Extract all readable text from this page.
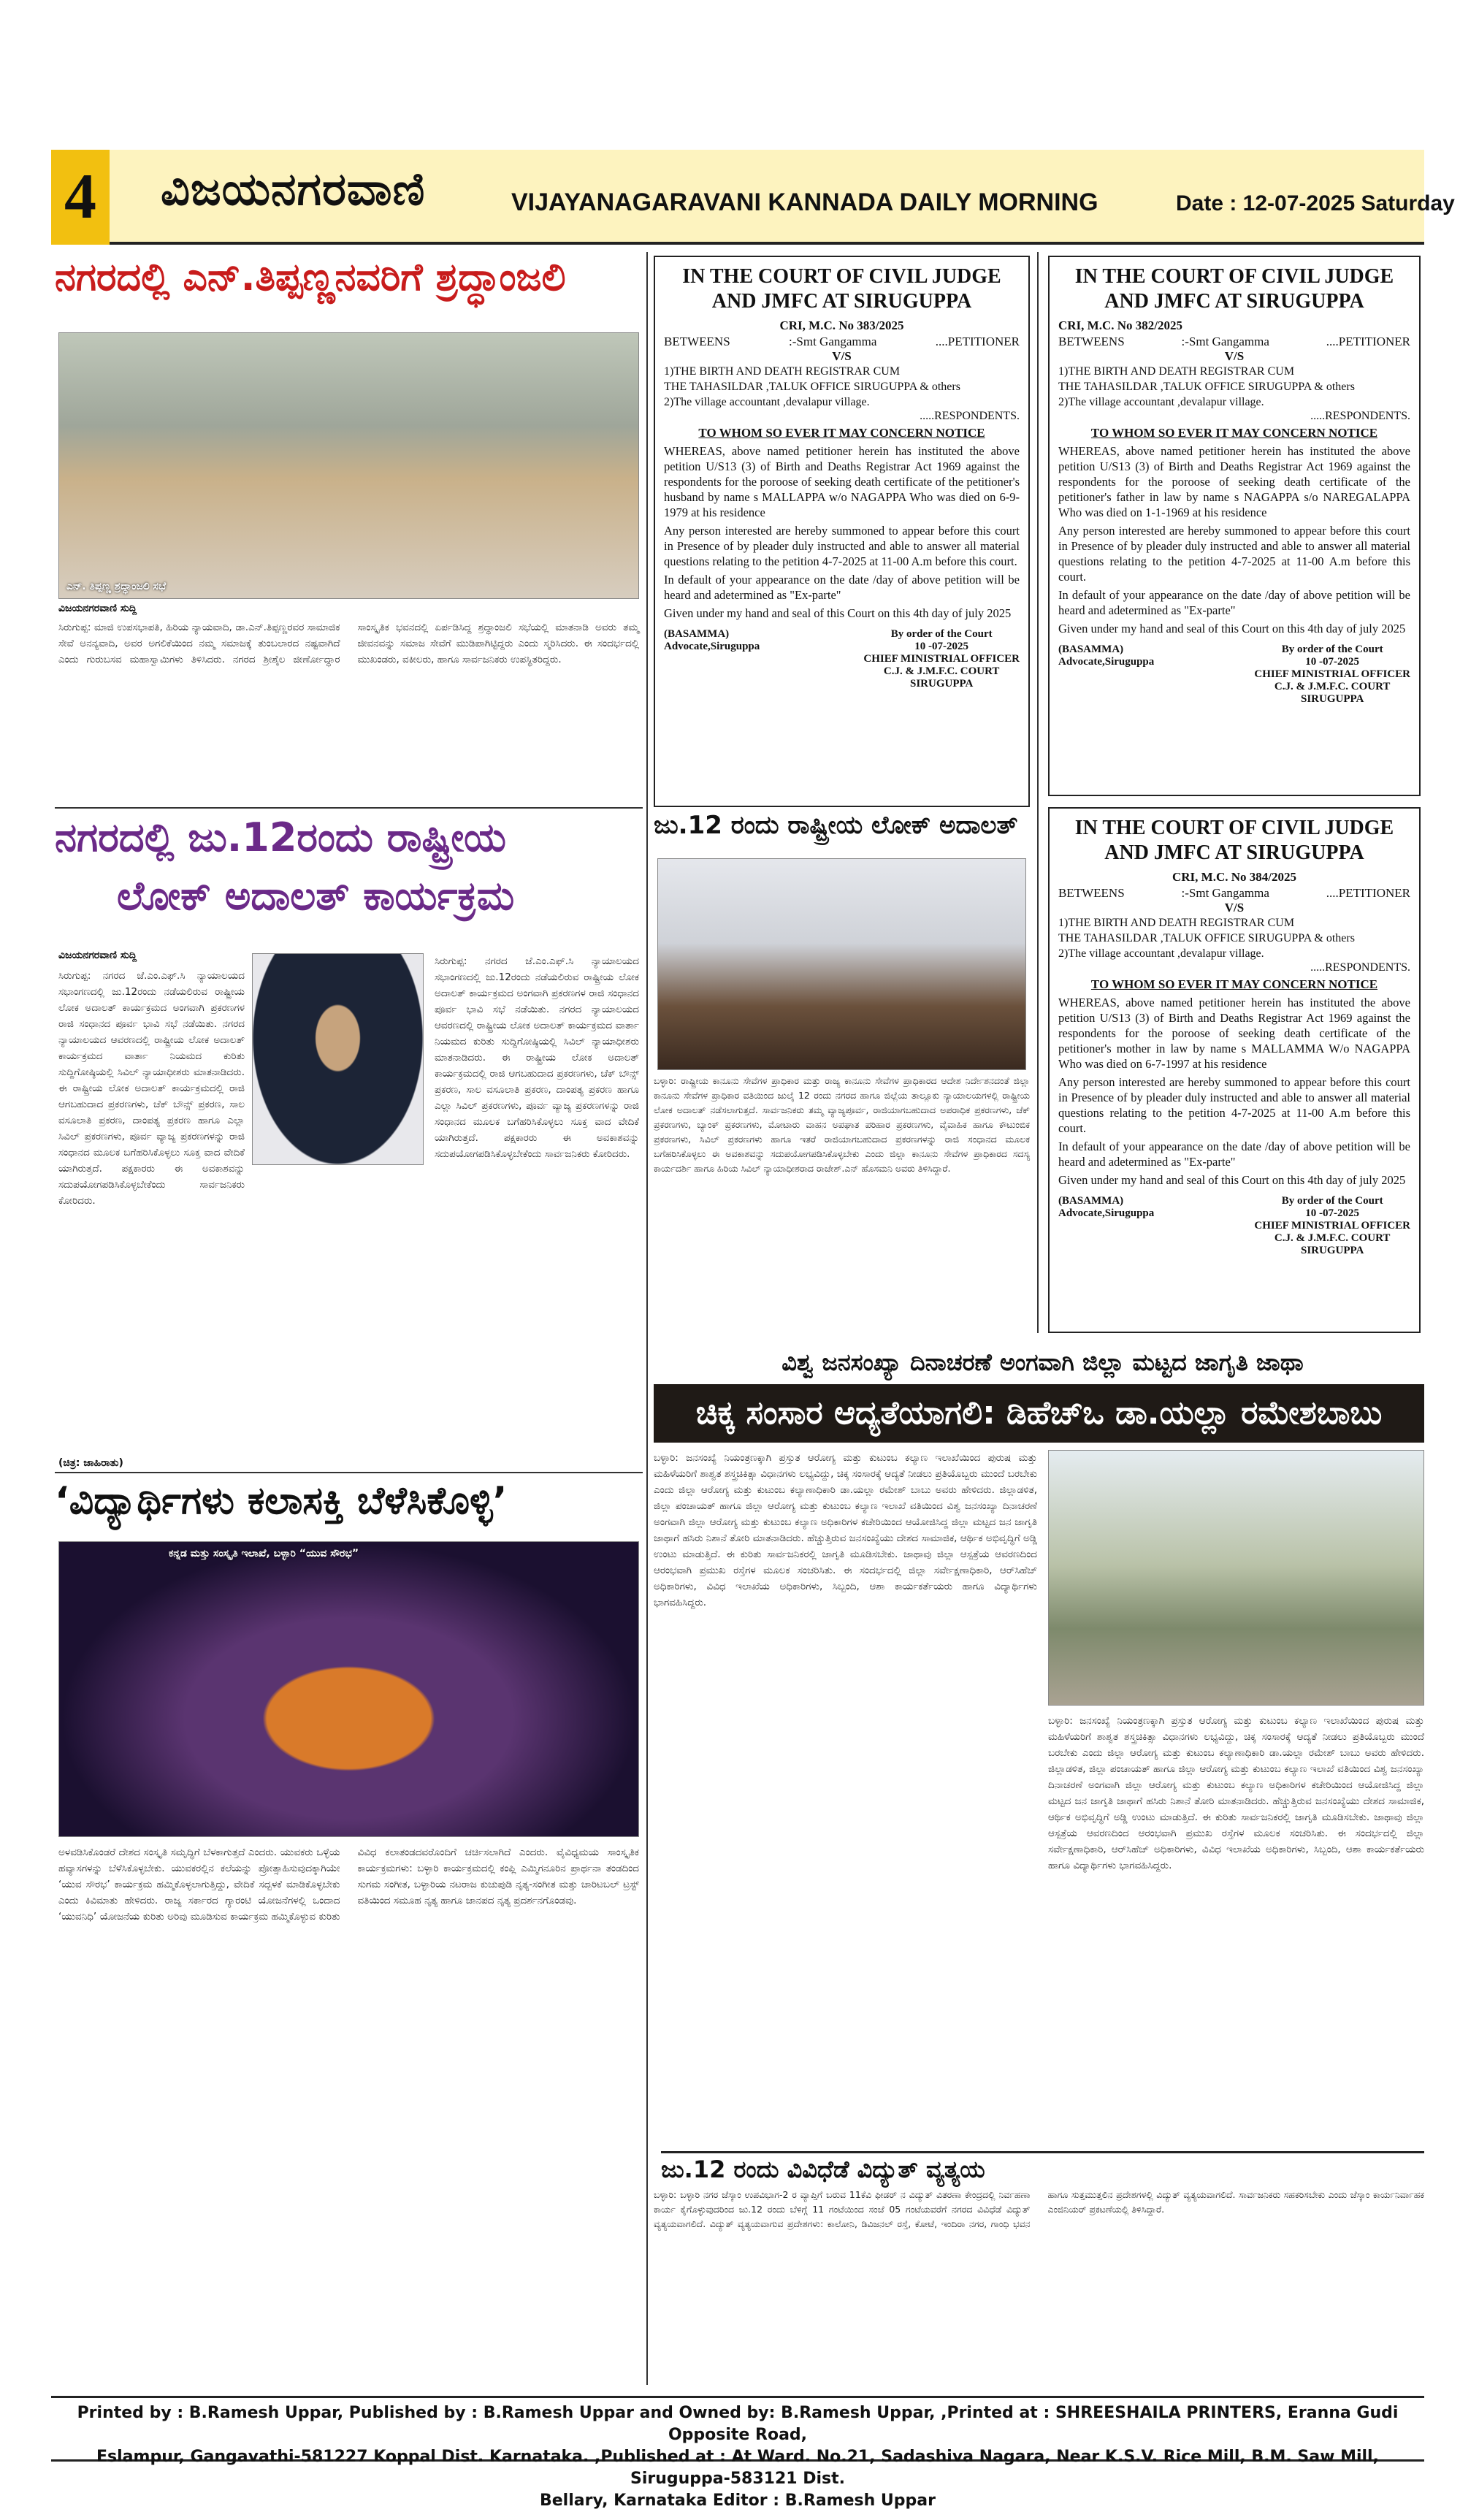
4 ವಿಜಯನಗರವಾಣಿ	VIJAYANAGARAVANI KANNADA DAILY MORNING	Date : 12-07-2025 Saturday
ನಗರದಲ್ಲಿ ಎನ್.ತಿಪ್ಪಣ್ಣನವರಿಗೆ ಶ್ರದ್ಧಾಂಜಲಿ
ಎನ್. ತಿಪ್ಪಣ್ಣ ಶ್ರದ್ಧಾಂಜಲಿ ಸಭೆ
ವಿಜಯನಗರವಾಣಿ ಸುದ್ದಿ
ಸಿರುಗುಪ್ಪ: ಮಾಜಿ ಉಪಸಭಾಪತಿ, ಹಿರಿಯ ನ್ಯಾಯವಾದಿ, ಡಾ.ಎನ್.ತಿಪ್ಪಣ್ಣರವರ ಸಾಮಾಜಿಕ ಸೇವೆ ಅನನ್ಯವಾದಿ, ಅವರ ಅಗಲಿಕೆಯಿಂದ ನಮ್ಮ ಸಮಾಜಕ್ಕೆ ತುಂಬಲಾರದ ನಷ್ಟವಾಗಿದೆ ಎಂದು ಗುರುಬಸವ ಮಹಾಸ್ವಾಮಿಗಳು ತಿಳಿಸಿದರು. ನಗರದ ಶ್ರೀಶೈಲ ಜೀರ್ಣೋದ್ಧಾರ ಸಾಂಸ್ಕೃತಿಕ ಭವನದಲ್ಲಿ ಏರ್ಪಡಿಸಿದ್ದ ಶ್ರದ್ಧಾಂಜಲಿ ಸಭೆಯಲ್ಲಿ ಮಾತನಾಡಿ ಅವರು ತಮ್ಮ ಜೀವನವನ್ನು ಸಮಾಜ ಸೇವೆಗೆ ಮುಡಿಪಾಗಿಟ್ಟಿದ್ದರು ಎಂದು ಸ್ಮರಿಸಿದರು. ಈ ಸಂದರ್ಭದಲ್ಲಿ ಮುಖಂಡರು, ವಕೀಲರು, ಹಾಗೂ ಸಾರ್ವಜನಿಕರು ಉಪಸ್ಥಿತರಿದ್ದರು.
ನಗರದಲ್ಲಿ ಜು.12ರಂದು ರಾಷ್ಟ್ರೀಯ
ಲೋಕ್ ಅದಾಲತ್ ಕಾರ್ಯಕ್ರಮ
ವಿಜಯನಗರವಾಣಿ ಸುದ್ದಿ
ಸಿರುಗುಪ್ಪ: ನಗರದ ಜೆ.ಎಂ.ಎಫ್.ಸಿ ನ್ಯಾಯಾಲಯದ ಸಭಾಂಗಣದಲ್ಲಿ ಜು.12ರಂದು ನಡೆಯಲಿರುವ ರಾಷ್ಟ್ರೀಯ ಲೋಕ ಅದಾಲತ್ ಕಾರ್ಯಕ್ರಮದ ಅಂಗವಾಗಿ ಪ್ರಕರಣಗಳ ರಾಜಿ ಸಂಧಾನದ ಪೂರ್ವ ಭಾವಿ ಸಭೆ ನಡೆಯಿತು. ನಗರದ ನ್ಯಾಯಾಲಯದ ಆವರಣದಲ್ಲಿ ರಾಷ್ಟ್ರೀಯ ಲೋಕ ಅದಾಲತ್ ಕಾರ್ಯಕ್ರಮದ ವಾರ್ತಾ ನಿಯಮದ ಕುರಿತು ಸುದ್ದಿಗೋಷ್ಠಿಯಲ್ಲಿ ಸಿವಿಲ್ ನ್ಯಾಯಾಧೀಶರು ಮಾತನಾಡಿದರು. ಈ ರಾಷ್ಟ್ರೀಯ ಲೋಕ ಅದಾಲತ್ ಕಾರ್ಯಕ್ರಮದಲ್ಲಿ ರಾಜಿ ಆಗಬಹುದಾದ ಪ್ರಕರಣಗಳು, ಚೆಕ್ ಬೌನ್ಸ್ ಪ್ರಕರಣ, ಸಾಲ ವಸೂಲಾತಿ ಪ್ರಕರಣ, ದಾಂಪತ್ಯ ಪ್ರಕರಣ ಹಾಗೂ ಎಲ್ಲಾ ಸಿವಿಲ್ ಪ್ರಕರಣಗಳು, ಪೂರ್ವ ವ್ಯಾಜ್ಯ ಪ್ರಕರಣಗಳನ್ನು ರಾಜಿ ಸಂಧಾನದ ಮೂಲಕ ಬಗೆಹರಿಸಿಕೊಳ್ಳಲು ಸೂಕ್ತ ವಾದ ವೇದಿಕೆ ಯಾಗಿರುತ್ತದೆ. ಪಕ್ಷಕಾರರು ಈ ಅವಕಾಶವನ್ನು ಸದುಪಯೋಗಪಡಿಸಿಕೊಳ್ಳಬೇಕೆಂದು ಸಾರ್ವಜನಿಕರು ಕೋರಿದರು.
ಸಿರುಗುಪ್ಪ: ನಗರದ ಜೆ.ಎಂ.ಎಫ್.ಸಿ ನ್ಯಾಯಾಲಯದ ಸಭಾಂಗಣದಲ್ಲಿ ಜು.12ರಂದು ನಡೆಯಲಿರುವ ರಾಷ್ಟ್ರೀಯ ಲೋಕ ಅದಾಲತ್ ಕಾರ್ಯಕ್ರಮದ ಅಂಗವಾಗಿ ಪ್ರಕರಣಗಳ ರಾಜಿ ಸಂಧಾನದ ಪೂರ್ವ ಭಾವಿ ಸಭೆ ನಡೆಯಿತು. ನಗರದ ನ್ಯಾಯಾಲಯದ ಆವರಣದಲ್ಲಿ ರಾಷ್ಟ್ರೀಯ ಲೋಕ ಅದಾಲತ್ ಕಾರ್ಯಕ್ರಮದ ವಾರ್ತಾ ನಿಯಮದ ಕುರಿತು ಸುದ್ದಿಗೋಷ್ಠಿಯಲ್ಲಿ ಸಿವಿಲ್ ನ್ಯಾಯಾಧೀಶರು ಮಾತನಾಡಿದರು. ಈ ರಾಷ್ಟ್ರೀಯ ಲೋಕ ಅದಾಲತ್ ಕಾರ್ಯಕ್ರಮದಲ್ಲಿ ರಾಜಿ ಆಗಬಹುದಾದ ಪ್ರಕರಣಗಳು, ಚೆಕ್ ಬೌನ್ಸ್ ಪ್ರಕರಣ, ಸಾಲ ವಸೂಲಾತಿ ಪ್ರಕರಣ, ದಾಂಪತ್ಯ ಪ್ರಕರಣ ಹಾಗೂ ಎಲ್ಲಾ ಸಿವಿಲ್ ಪ್ರಕರಣಗಳು, ಪೂರ್ವ ವ್ಯಾಜ್ಯ ಪ್ರಕರಣಗಳನ್ನು ರಾಜಿ ಸಂಧಾನದ ಮೂಲಕ ಬಗೆಹರಿಸಿಕೊಳ್ಳಲು ಸೂಕ್ತ ವಾದ ವೇದಿಕೆ ಯಾಗಿರುತ್ತದೆ. ಪಕ್ಷಕಾರರು ಈ ಅವಕಾಶವನ್ನು ಸದುಪಯೋಗಪಡಿಸಿಕೊಳ್ಳಬೇಕೆಂದು ಸಾರ್ವಜನಿಕರು ಕೋರಿದರು.
(ಚಿತ್ರ: ಜಾಹಿರಾತು)
‘ವಿದ್ಯಾರ್ಥಿಗಳು ಕಲಾಸಕ್ತಿ ಬೆಳೆಸಿಕೊಳ್ಳಿ’
ಕನ್ನಡ ಮತ್ತು ಸಂಸ್ಕೃತಿ ಇಲಾಖೆ, ಬಳ್ಳಾರಿ “ಯುವ ಸೌರಭ”
ಅಳವಡಿಸಿಕೊಂಡರೆ ದೇಶದ ಸಂಸ್ಕೃತಿ ಸಮೃದ್ಧಿಗೆ ಬೆಳಕಾಗುತ್ತದೆ ಎಂದರು. ಯುವಕರು ಒಳ್ಳೆಯ ಹವ್ಯಾಸಗಳನ್ನು ಬೆಳೆಸಿಕೊಳ್ಳಬೇಕು. ಯುವಕರಲ್ಲಿನ ಕಲೆಯನ್ನು ಪ್ರೋತ್ಸಾಹಿಸುವುದಕ್ಕಾಗಿಯೇ ‘ಯುವ ಸೌರಭ’ ಕಾರ್ಯಕ್ರಮ ಹಮ್ಮಿಕೊಳ್ಳಲಾಗುತ್ತಿದ್ದು, ವೇದಿಕೆ ಸದ್ಬಳಕೆ ಮಾಡಿಕೊಳ್ಳಬೇಕು ಎಂದು ಕಿವಿಮಾತು ಹೇಳಿದರು. ರಾಜ್ಯ ಸರ್ಕಾರದ ಗ್ಯಾರಂಟಿ ಯೋಜನೆಗಳಲ್ಲಿ ಒಂದಾದ ‘ಯುವನಿಧಿ’ ಯೋಜನೆಯ ಕುರಿತು ಅರಿವು ಮೂಡಿಸುವ ಕಾರ್ಯಕ್ರಮ ಹಮ್ಮಿಕೊಳ್ಳುವ ಕುರಿತು ವಿವಿಧ ಕಲಾತಂಡದವರೊಂದಿಗೆ ಚರ್ಚಿಸಲಾಗಿದೆ ಎಂದರು. ವೈವಿಧ್ಯಮಯ ಸಾಂಸ್ಕೃತಿಕ ಕಾರ್ಯಕ್ರಮಗಳು: ಬಳ್ಳಾರಿ ಕಾರ್ಯಕ್ರಮದಲ್ಲಿ ಕಂಪ್ಲಿ ಎಮ್ಮಿಗನೂರಿನ ಪ್ರಾರ್ಥನಾ ತಂಡದಿಂದ ಸುಗಮ ಸಂಗೀತ, ಬಳ್ಳಾರಿಯ ನಟರಾಜ ಕುಚುಪುಡಿ ನೃತ್ಯ-ಸಂಗೀತ ಮತ್ತು ಚಾರಿಟಬಲ್ ಟ್ರಸ್ಟ್ ವತಿಯಿಂದ ಸಮೂಹ ನೃತ್ಯ ಹಾಗೂ ಜಾನಪದ ನೃತ್ಯ ಪ್ರದರ್ಶನಗೊಂಡವು.
IN THE COURT OF CIVIL JUDGE AND JMFC AT SIRUGUPPA
CRI, M.C. No 383/2025
BETWEENS	:-Smt Gangamma	....PETITIONER
V/S
1)THE BIRTH AND DEATH REGISTRAR CUM
THE TAHASILDAR ,TALUK OFFICE SIRUGUPPA & others
2)The village accountant ,devalapur village.
.....RESPONDENTS.
TO WHOM SO EVER IT MAY CONCERN NOTICE
WHEREAS, above named petitioner herein has instituted the above petition U/S13 (3) of Birth and Deaths Registrar Act 1969 against the respondents for the poroose of seeking death certificate of the petitioner's husband by name s MALLAPPA w/o NAGAPPA Who was died on 6-9-1979 at his residence
Any person interested are hereby summoned to appear before this court in Presence of by pleader duly instructed and able to answer all material questions relating to the petition 4-7-2025 at 11-00 A.m before this court.
In default of your appearance on the date /day of above petition will be heard and adetermined as "Ex-parte"
Given under my hand and seal of this Court on this 4th day of july 2025
(BASAMMA) Advocate,Siruguppa
By order of the Court
10 -07-2025
CHIEF MINISTRIAL OFFICER
C.J. & J.M.F.C. COURT
SIRUGUPPA
IN THE COURT OF CIVIL JUDGE AND JMFC AT SIRUGUPPA
CRI, M.C. No 382/2025
BETWEENS	:-Smt Gangamma	....PETITIONER
V/S
1)THE BIRTH AND DEATH REGISTRAR CUM
THE TAHASILDAR ,TALUK OFFICE SIRUGUPPA & others
2)The village accountant ,devalapur village.
.....RESPONDENTS.
TO WHOM SO EVER IT MAY CONCERN NOTICE
WHEREAS, above named petitioner herein has instituted the above petition U/S13 (3) of Birth and Deaths Registrar Act 1969 against the respondents for the poroose of seeking death certificate of the petitioner's father in law by name s NAGAPPA s/o NAREGALAPPA Who was died on 1-1-1969 at his residence
Any person interested are hereby summoned to appear before this court in Presence of by pleader duly instructed and able to answer all material questions relating to the petition 4-7-2025 at 11-00 A.m before this court.
In default of your appearance on the date /day of above petition will be heard and adetermined as "Ex-parte"
Given under my hand and seal of this Court on this 4th day of july 2025
(BASAMMA) Advocate,Siruguppa
By order of the Court
10 -07-2025
CHIEF MINISTRIAL OFFICER
C.J. & J.M.F.C. COURT
SIRUGUPPA
ಜು.12 ರಂದು ರಾಷ್ಟ್ರೀಯ ಲೋಕ್ ಅದಾಲತ್
ಬಳ್ಳಾರಿ: ರಾಷ್ಟ್ರೀಯ ಕಾನೂನು ಸೇವೆಗಳ ಪ್ರಾಧಿಕಾರ ಮತ್ತು ರಾಜ್ಯ ಕಾನೂನು ಸೇವೆಗಳ ಪ್ರಾಧಿಕಾರದ ಆದೇಶ ನಿರ್ದೇಶನದಂತೆ ಜಿಲ್ಲಾ ಕಾನೂನು ಸೇವೆಗಳ ಪ್ರಾಧಿಕಾರ ವತಿಯಿಂದ ಜುಲೈ 12 ರಂದು ನಗರದ ಹಾಗೂ ಜಿಲ್ಲೆಯ ತಾಲ್ಲೂಕು ನ್ಯಾಯಾಲಯಗಳಲ್ಲಿ ರಾಷ್ಟ್ರೀಯ ಲೋಕ ಅದಾಲತ್ ನಡೆಸಲಾಗುತ್ತದೆ. ಸಾರ್ವಜನಿಕರು ತಮ್ಮ ವ್ಯಾಜ್ಯಪೂರ್ವ, ರಾಜಿಯಾಗಬಹುದಾದ ಅಪರಾಧಿಕ ಪ್ರಕರಣಗಳು, ಚೆಕ್ ಪ್ರಕರಣಗಳು, ಬ್ಯಾಂಕ್ ಪ್ರಕರಣಗಳು, ಮೋಟಾರು ವಾಹನ ಅಪಘಾತ ಪರಿಹಾರ ಪ್ರಕರಣಗಳು, ವೈವಾಹಿಕ ಹಾಗೂ ಕೌಟುಂಬಿಕ ಪ್ರಕರಣಗಳು, ಸಿವಿಲ್ ಪ್ರಕರಣಗಳು ಹಾಗೂ ಇತರೆ ರಾಜಿಯಾಗಬಹುದಾದ ಪ್ರಕರಣಗಳನ್ನು ರಾಜಿ ಸಂಧಾನದ ಮೂಲಕ ಬಗೆಹರಿಸಿಕೊಳ್ಳಲು ಈ ಅವಕಾಶವನ್ನು ಸದುಪಯೋಗಪಡಿಸಿಕೊಳ್ಳಬೇಕು ಎಂದು ಜಿಲ್ಲಾ ಕಾನೂನು ಸೇವೆಗಳ ಪ್ರಾಧಿಕಾರದ ಸದಸ್ಯ ಕಾರ್ಯದರ್ಶಿ ಹಾಗೂ ಹಿರಿಯ ಸಿವಿಲ್ ನ್ಯಾಯಾಧೀಶರಾದ ರಾಜೇಶ್.ಎನ್ ಹೊಸಮನಿ ಅವರು ತಿಳಿಸಿದ್ದಾರೆ.
IN THE COURT OF CIVIL JUDGE AND JMFC AT SIRUGUPPA
CRI, M.C. No 384/2025
BETWEENS	:-Smt Gangamma	....PETITIONER
V/S
1)THE BIRTH AND DEATH REGISTRAR CUM
THE TAHASILDAR ,TALUK OFFICE SIRUGUPPA & others
2)The village accountant ,devalapur village.
.....RESPONDENTS.
TO WHOM SO EVER IT MAY CONCERN NOTICE
WHEREAS, above named petitioner herein has instituted the above petition U/S13 (3) of Birth and Deaths Registrar Act 1969 against the respondents for the poroose of seeking death certificate of the petitioner's mother in law by name s MALLAMMA W/o NAGAPPA Who was died on 6-7-1997 at his residence
Any person interested are hereby summoned to appear before this court in Presence of by pleader duly instructed and able to answer all material questions relating to the petition 4-7-2025 at 11-00 A.m before this court.
In default of your appearance on the date /day of above petition will be heard and adetermined as "Ex-parte"
Given under my hand and seal of this Court on this 4th day of july 2025
(BASAMMA) Advocate,Siruguppa
By order of the Court
10 -07-2025
CHIEF MINISTRIAL OFFICER
C.J. & J.M.F.C. COURT
SIRUGUPPA
ವಿಶ್ವ ಜನಸಂಖ್ಯಾ ದಿನಾಚರಣೆ ಅಂಗವಾಗಿ ಜಿಲ್ಲಾ ಮಟ್ಟದ ಜಾಗೃತಿ ಜಾಥಾ
ಚಿಕ್ಕ ಸಂಸಾರ ಆದ್ಯತೆಯಾಗಲಿ: ಡಿಹೆಚ್‌ಒ ಡಾ.ಯಲ್ಲಾ ರಮೇಶಬಾಬು
ಬಳ್ಳಾರಿ: ಜನಸಂಖ್ಯೆ ನಿಯಂತ್ರಣಕ್ಕಾಗಿ ಪ್ರಸ್ತುತ ಆರೋಗ್ಯ ಮತ್ತು ಕುಟುಂಬ ಕಲ್ಯಾಣ ಇಲಾಖೆಯಿಂದ ಪುರುಷ ಮತ್ತು ಮಹಿಳೆಯರಿಗೆ ಶಾಶ್ವತ ಶಸ್ತ್ರಚಿಕಿತ್ಸಾ ವಿಧಾನಗಳು ಲಭ್ಯವಿದ್ದು, ಚಿಕ್ಕ ಸಂಸಾರಕ್ಕೆ ಆದ್ಯತೆ ನೀಡಲು ಪ್ರತಿಯೊಬ್ಬರು ಮುಂದೆ ಬರಬೇಕು ಎಂದು ಜಿಲ್ಲಾ ಆರೋಗ್ಯ ಮತ್ತು ಕುಟುಂಬ ಕಲ್ಯಾಣಾಧಿಕಾರಿ ಡಾ.ಯಲ್ಲಾ ರಮೇಶ್ ಬಾಬು ಅವರು ಹೇಳಿದರು. ಜಿಲ್ಲಾಡಳಿತ, ಜಿಲ್ಲಾ ಪಂಚಾಯತ್ ಹಾಗೂ ಜಿಲ್ಲಾ ಆರೋಗ್ಯ ಮತ್ತು ಕುಟುಂಬ ಕಲ್ಯಾಣ ಇಲಾಖೆ ವತಿಯಿಂದ ವಿಶ್ವ ಜನಸಂಖ್ಯಾ ದಿನಾಚರಣೆ ಅಂಗವಾಗಿ ಜಿಲ್ಲಾ ಆರೋಗ್ಯ ಮತ್ತು ಕುಟುಂಬ ಕಲ್ಯಾಣ ಅಧಿಕಾರಿಗಳ ಕಚೇರಿಯಿಂದ ಆಯೋಜಿಸಿದ್ದ ಜಿಲ್ಲಾ ಮಟ್ಟದ ಜನ ಜಾಗೃತಿ ಜಾಥಾಗೆ ಹಸಿರು ನಿಶಾನೆ ತೋರಿ ಮಾತನಾಡಿದರು. ಹೆಚ್ಚುತ್ತಿರುವ ಜನಸಂಖ್ಯೆಯು ದೇಶದ ಸಾಮಾಜಿಕ, ಆರ್ಥಿಕ ಅಭಿವೃದ್ಧಿಗೆ ಅಡ್ಡಿ ಉಂಟು ಮಾಡುತ್ತಿದೆ. ಈ ಕುರಿತು ಸಾರ್ವಜನಿಕರಲ್ಲಿ ಜಾಗೃತಿ ಮೂಡಿಸಬೇಕು. ಜಾಥಾವು ಜಿಲ್ಲಾ ಆಸ್ಪತ್ರೆಯ ಆವರಣದಿಂದ ಆರಂಭವಾಗಿ ಪ್ರಮುಖ ರಸ್ತೆಗಳ ಮೂಲಕ ಸಂಚರಿಸಿತು. ಈ ಸಂದರ್ಭದಲ್ಲಿ ಜಿಲ್ಲಾ ಸರ್ವೇಕ್ಷಣಾಧಿಕಾರಿ, ಆರ್‌ಸಿಹೆಚ್ ಅಧಿಕಾರಿಗಳು, ವಿವಿಧ ಇಲಾಖೆಯ ಅಧಿಕಾರಿಗಳು, ಸಿಬ್ಬಂದಿ, ಆಶಾ ಕಾರ್ಯಕರ್ತೆಯರು ಹಾಗೂ ವಿದ್ಯಾರ್ಥಿಗಳು ಭಾಗವಹಿಸಿದ್ದರು.
ಬಳ್ಳಾರಿ: ಜನಸಂಖ್ಯೆ ನಿಯಂತ್ರಣಕ್ಕಾಗಿ ಪ್ರಸ್ತುತ ಆರೋಗ್ಯ ಮತ್ತು ಕುಟುಂಬ ಕಲ್ಯಾಣ ಇಲಾಖೆಯಿಂದ ಪುರುಷ ಮತ್ತು ಮಹಿಳೆಯರಿಗೆ ಶಾಶ್ವತ ಶಸ್ತ್ರಚಿಕಿತ್ಸಾ ವಿಧಾನಗಳು ಲಭ್ಯವಿದ್ದು, ಚಿಕ್ಕ ಸಂಸಾರಕ್ಕೆ ಆದ್ಯತೆ ನೀಡಲು ಪ್ರತಿಯೊಬ್ಬರು ಮುಂದೆ ಬರಬೇಕು ಎಂದು ಜಿಲ್ಲಾ ಆರೋಗ್ಯ ಮತ್ತು ಕುಟುಂಬ ಕಲ್ಯಾಣಾಧಿಕಾರಿ ಡಾ.ಯಲ್ಲಾ ರಮೇಶ್ ಬಾಬು ಅವರು ಹೇಳಿದರು. ಜಿಲ್ಲಾಡಳಿತ, ಜಿಲ್ಲಾ ಪಂಚಾಯತ್ ಹಾಗೂ ಜಿಲ್ಲಾ ಆರೋಗ್ಯ ಮತ್ತು ಕುಟುಂಬ ಕಲ್ಯಾಣ ಇಲಾಖೆ ವತಿಯಿಂದ ವಿಶ್ವ ಜನಸಂಖ್ಯಾ ದಿನಾಚರಣೆ ಅಂಗವಾಗಿ ಜಿಲ್ಲಾ ಆರೋಗ್ಯ ಮತ್ತು ಕುಟುಂಬ ಕಲ್ಯಾಣ ಅಧಿಕಾರಿಗಳ ಕಚೇರಿಯಿಂದ ಆಯೋಜಿಸಿದ್ದ ಜಿಲ್ಲಾ ಮಟ್ಟದ ಜನ ಜಾಗೃತಿ ಜಾಥಾಗೆ ಹಸಿರು ನಿಶಾನೆ ತೋರಿ ಮಾತನಾಡಿದರು. ಹೆಚ್ಚುತ್ತಿರುವ ಜನಸಂಖ್ಯೆಯು ದೇಶದ ಸಾಮಾಜಿಕ, ಆರ್ಥಿಕ ಅಭಿವೃದ್ಧಿಗೆ ಅಡ್ಡಿ ಉಂಟು ಮಾಡುತ್ತಿದೆ. ಈ ಕುರಿತು ಸಾರ್ವಜನಿಕರಲ್ಲಿ ಜಾಗೃತಿ ಮೂಡಿಸಬೇಕು. ಜಾಥಾವು ಜಿಲ್ಲಾ ಆಸ್ಪತ್ರೆಯ ಆವರಣದಿಂದ ಆರಂಭವಾಗಿ ಪ್ರಮುಖ ರಸ್ತೆಗಳ ಮೂಲಕ ಸಂಚರಿಸಿತು. ಈ ಸಂದರ್ಭದಲ್ಲಿ ಜಿಲ್ಲಾ ಸರ್ವೇಕ್ಷಣಾಧಿಕಾರಿ, ಆರ್‌ಸಿಹೆಚ್ ಅಧಿಕಾರಿಗಳು, ವಿವಿಧ ಇಲಾಖೆಯ ಅಧಿಕಾರಿಗಳು, ಸಿಬ್ಬಂದಿ, ಆಶಾ ಕಾರ್ಯಕರ್ತೆಯರು ಹಾಗೂ ವಿದ್ಯಾರ್ಥಿಗಳು ಭಾಗವಹಿಸಿದ್ದರು.
ಜು.12 ರಂದು ವಿವಿಧೆಡೆ ವಿದ್ಯುತ್ ವ್ಯತ್ಯಯ
ಬಳ್ಳಾರಿ: ಬಳ್ಳಾರಿ ನಗರ ಜೆಸ್ಕಾಂ ಉಪವಿಭಾಗ-2 ರ ವ್ಯಾಪ್ತಿಗೆ ಬರುವ 11ಕೆವಿ ಫೀಡರ್ ನ ವಿದ್ಯುತ್ ವಿತರಣಾ ಕೇಂದ್ರದಲ್ಲಿ ನಿರ್ವಹಣಾ ಕಾರ್ಯ ಕೈಗೊಳ್ಳುವುದರಿಂದ ಜು.12 ರಂದು ಬೆಳಿಗ್ಗೆ 11 ಗಂಟೆಯಿಂದ ಸಂಜೆ 05 ಗಂಟೆಯವರೆಗೆ ನಗರದ ವಿವಿಧೆಡೆ ವಿದ್ಯುತ್ ವ್ಯತ್ಯಯವಾಗಲಿದೆ. ವಿದ್ಯುತ್ ವ್ಯತ್ಯಯವಾಗುವ ಪ್ರದೇಶಗಳು: ಕಾಲೋನಿ, ಡಿವಿಜನಲ್ ರಸ್ತೆ, ಕೋಟೆ, ಇಂದಿರಾ ನಗರ, ಗಾಂಧಿ ಭವನ ಹಾಗೂ ಸುತ್ತಮುತ್ತಲಿನ ಪ್ರದೇಶಗಳಲ್ಲಿ ವಿದ್ಯುತ್ ವ್ಯತ್ಯಯವಾಗಲಿದೆ. ಸಾರ್ವಜನಿಕರು ಸಹಕರಿಸಬೇಕು ಎಂದು ಜೆಸ್ಕಾಂ ಕಾರ್ಯನಿರ್ವಾಹಕ ಎಂಜಿನಿಯರ್ ಪ್ರಕಟಣೆಯಲ್ಲಿ ತಿಳಿಸಿದ್ದಾರೆ.
Printed by : B.Ramesh Uppar, Published by : B.Ramesh Uppar and Owned by: B.Ramesh Uppar, ,Printed at : SHREESHAILA PRINTERS, Eranna Gudi Opposite Road,
Eslampur, Gangavathi-581227 Koppal Dist. Karnataka. ,Published at : At Ward. No.21, Sadashiva Nagara, Near K.S.V. Rice Mill, B.M. Saw Mill, Siruguppa-583121 Dist.
Bellary, Karnataka Editor : B.Ramesh Uppar
